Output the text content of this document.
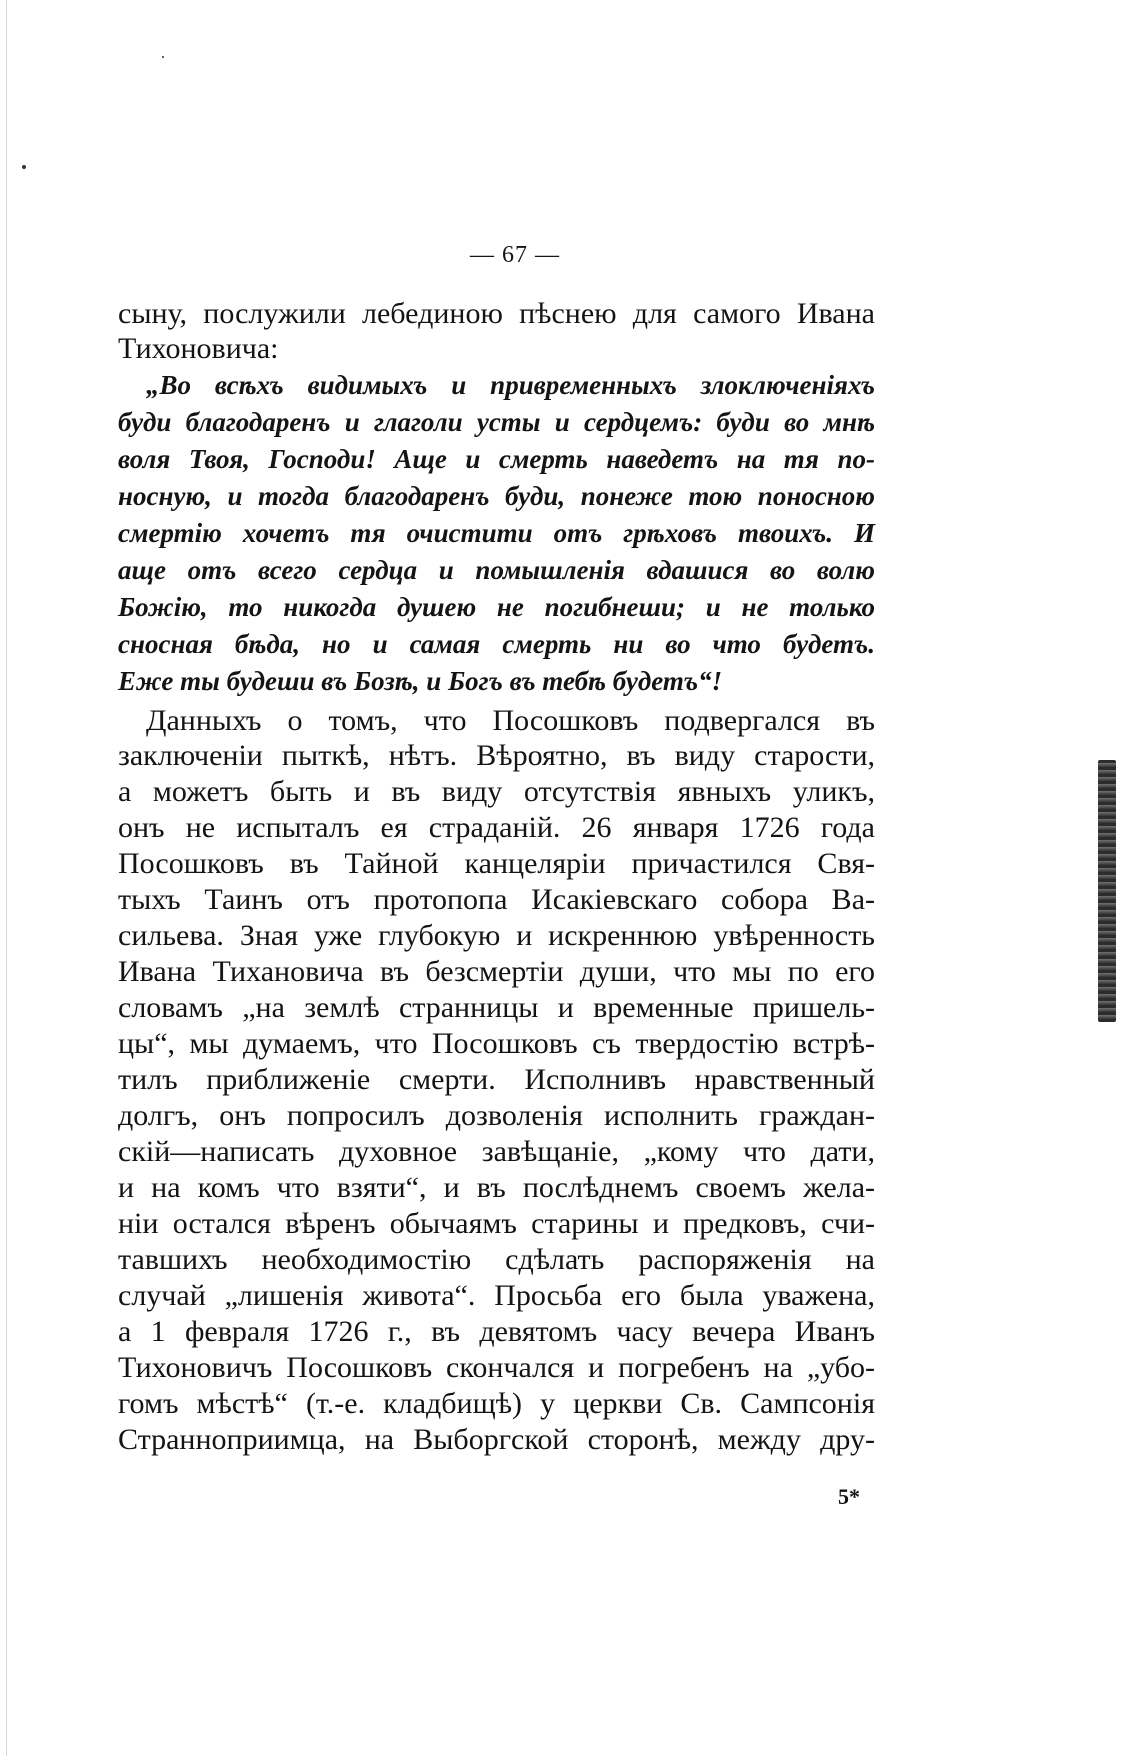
— 67 —
сыну, послужили лебединою пѣснею для самого Ивана
Тихоновича:
„Во всѣхъ видимыхъ и привременныхъ злоключеніяхъ
буди благодаренъ и глаголи усты и сердцемъ: буди во мнѣ
воля Твоя, Господи! Аще и смерть наведетъ на тя по-
носную, и тогда благодаренъ буди, понеже тою поносною
смертію хочетъ тя очистити отъ грѣховъ твоихъ. И
аще отъ всего сердца и помышленія вдашися во волю
Божію, то никогда душею не погибнеши; и не только
сносная бѣда, но и самая смерть ни во что будетъ.
Еже ты будеши въ Бозѣ, и Богъ въ тебѣ будетъ“!
Данныхъ о томъ, что Посошковъ подвергался въ
заключеніи пыткѣ, нѣтъ. Вѣроятно, въ виду старости,
а можетъ быть и въ виду отсутствія явныхъ уликъ,
онъ не испыталъ ея страданій. 26 января 1726 года
Посошковъ въ Тайной канцеляріи причастился Свя-
тыхъ Таинъ отъ протопопа Исакіевскаго собора Ва-
сильева. Зная уже глубокую и искреннюю увѣренность
Ивана Тихановича въ безсмертіи души, что мы по его
словамъ „на землѣ странницы и временные пришель-
цы“, мы думаемъ, что Посошковъ съ твердостію встрѣ-
тилъ приближеніе смерти. Исполнивъ нравственный
долгъ, онъ попросилъ дозволенія исполнить граждан-
скій—написать духовное завѣщаніе, „кому что дати,
и на комъ что взяти“, и въ послѣднемъ своемъ жела-
ніи остался вѣренъ обычаямъ старины и предковъ, счи-
тавшихъ необходимостію сдѣлать распоряженія на
случай „лишенія живота“. Просьба его была уважена,
а 1 февраля 1726 г., въ девятомъ часу вечера Иванъ
Тихоновичъ Посошковъ скончался и погребенъ на „убо-
гомъ мѣстѣ“ (т.-е. кладбищѣ) у церкви Св. Сампсонія
Странноприимца, на Выборгской сторонѣ, между дру-
5*
